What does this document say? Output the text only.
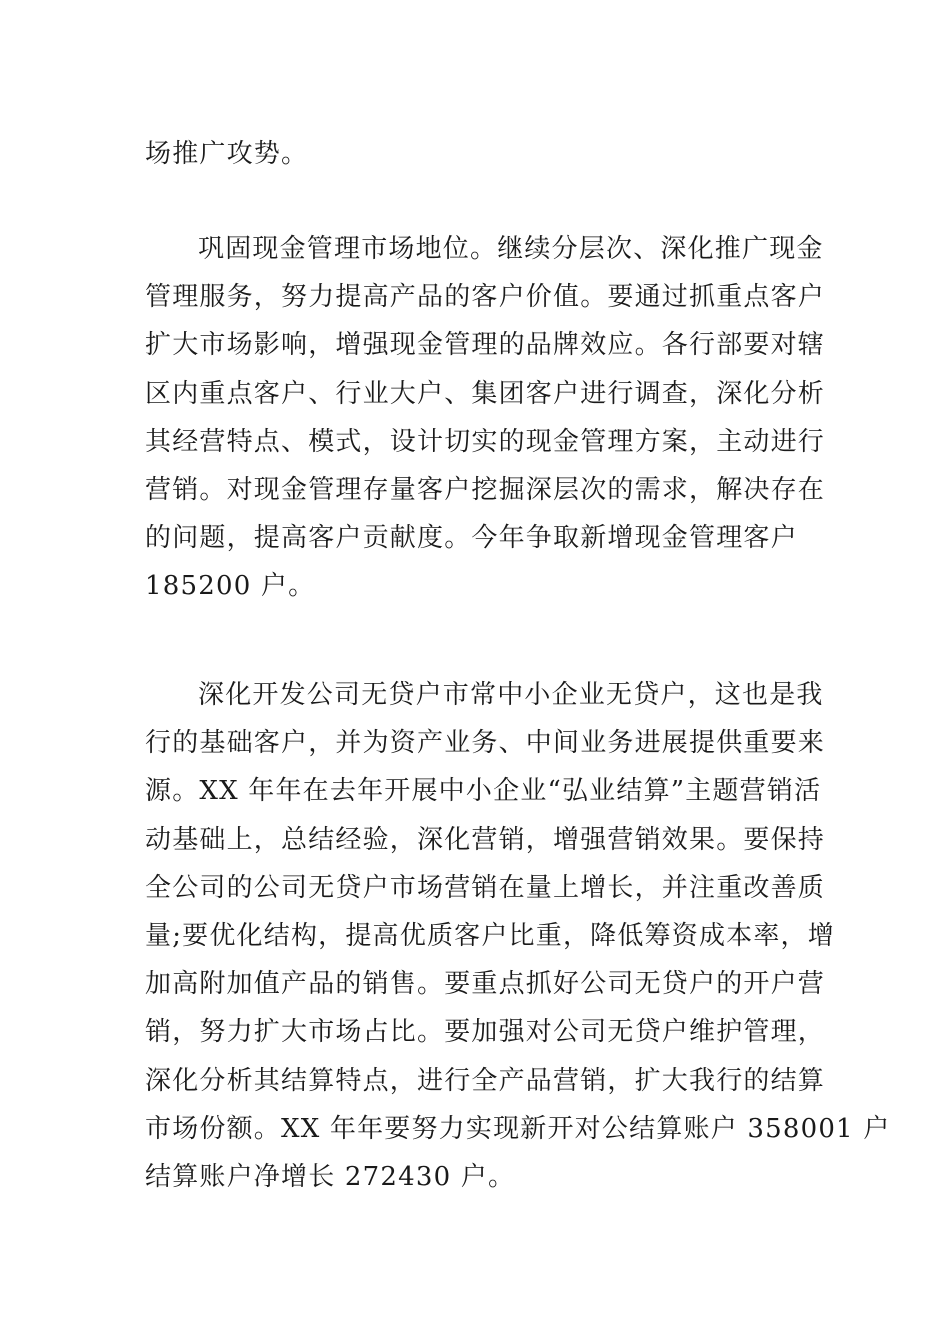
场推广攻势。

巩固现金管理市场地位。继续分层次、深化推广现金
管理服务，努力提高产品的客户价值。要通过抓重点客户
扩大市场影响，增强现金管理的品牌效应。各行部要对辖
区内重点客户、行业大户、集团客户进行调查，深化分析
其经营特点、模式，设计切实的现金管理方案，主动进行
营销。对现金管理存量客户挖掘深层次的需求，解决存在
的问题，提高客户贡献度。今年争取新增现金管理客户
185200 户。

深化开发公司无贷户市常中小企业无贷户，这也是我
行的基础客户，并为资产业务、中间业务进展提供重要来
源。XX 年年在去年开展中小企业“弘业结算”主题营销活
动基础上，总结经验，深化营销，增强营销效果。要保持
全公司的公司无贷户市场营销在量上增长，并注重改善质
量;要优化结构，提高优质客户比重，降低筹资成本率，增
加高附加值产品的销售。要重点抓好公司无贷户的开户营
销，努力扩大市场占比。要加强对公司无贷户维护管理，
深化分析其结算特点，进行全产品营销，扩大我行的结算
市场份额。XX 年年要努力实现新开对公结算账户 358001 户
结算账户净增长 272430 户。
